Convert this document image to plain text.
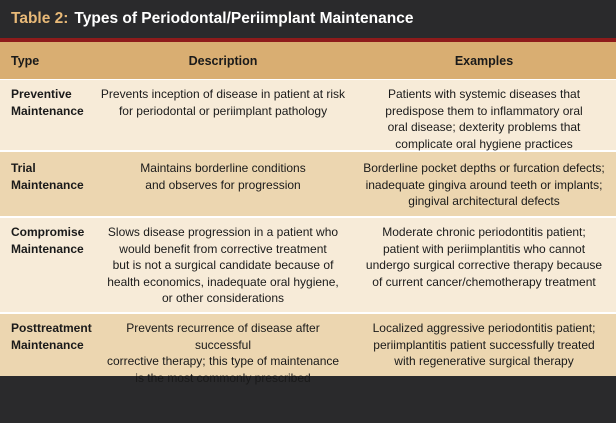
Table 2: Types of Periodontal/Periimplant Maintenance
Type	Description	Examples
Preventive
Maintenance
Prevents inception of disease in patient at risk
for periodontal or periimplant pathology
Patients with systemic diseases that
predispose them to inflammatory oral
oral disease; dexterity problems that
complicate oral hygiene practices
Trial
Maintenance
Maintains borderline conditions
and observes for progression
Borderline pocket depths or furcation defects;
inadequate gingiva around teeth or implants;
gingival architectural defects
Compromise
Maintenance
Slows disease progression in a patient who
would benefit from corrective treatment
but is not a surgical candidate because of
health economics, inadequate oral hygiene,
or other considerations
Moderate chronic periodontitis patient;
patient with periimplantitis who cannot
undergo surgical corrective therapy because
of current cancer/chemotherapy treatment
Posttreatment
Maintenance
Prevents recurrence of disease after successful
corrective therapy; this type of maintenance
is the most commonly prescribed
Localized aggressive periodontitis patient;
periimplantitis patient successfully treated
with regenerative surgical therapy
